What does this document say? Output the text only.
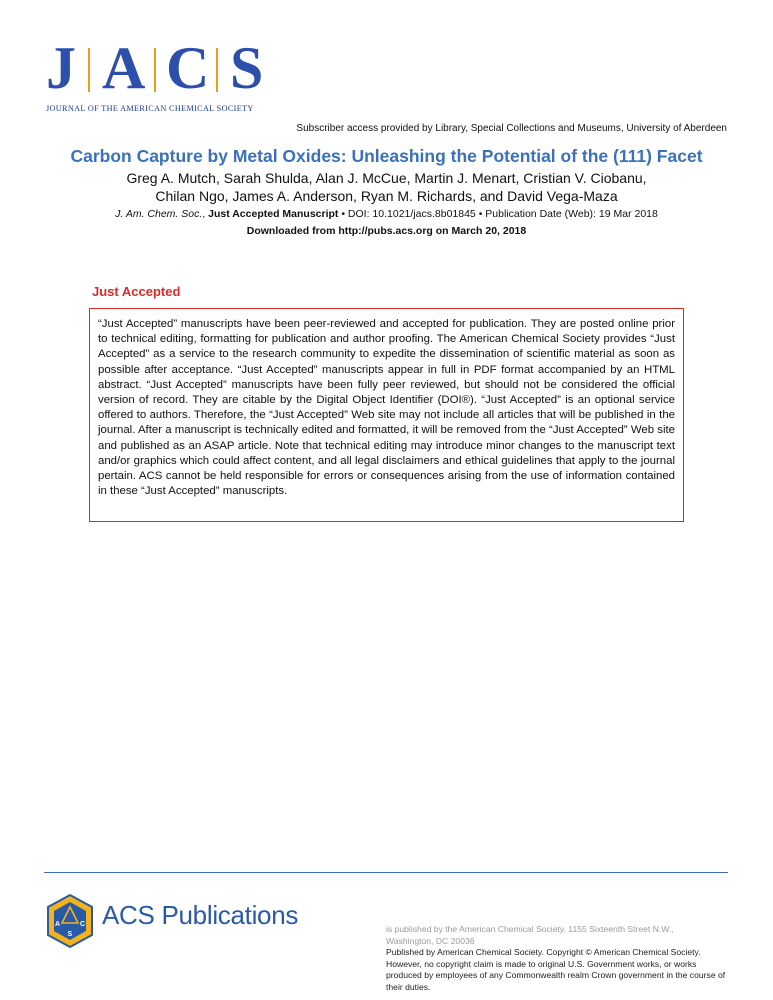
J A C S
JOURNAL OF THE AMERICAN CHEMICAL SOCIETY
Subscriber access provided by Library, Special Collections and Museums, University of Aberdeen
Carbon Capture by Metal Oxides: Unleashing the Potential of the (111) Facet
Greg A. Mutch, Sarah Shulda, Alan J. McCue, Martin J. Menart, Cristian V. Ciobanu,
Chilan Ngo, James A. Anderson, Ryan M. Richards, and David Vega-Maza
J. Am. Chem. Soc., Just Accepted Manuscript • DOI: 10.1021/jacs.8b01845 • Publication Date (Web): 19 Mar 2018
Downloaded from http://pubs.acs.org on March 20, 2018
Just Accepted

“Just Accepted” manuscripts have been peer-reviewed and accepted for publication. They are posted online prior to technical editing, formatting for publication and author proofing. The American Chemical Society provides “Just Accepted” as a service to the research community to expedite the dissemination of scientific material as soon as possible after acceptance. “Just Accepted” manuscripts appear in full in PDF format accompanied by an HTML abstract. “Just Accepted” manuscripts have been fully peer reviewed, but should not be considered the official version of record. They are citable by the Digital Object Identifier (DOI®). “Just Accepted” is an optional service offered to authors. Therefore, the “Just Accepted” Web site may not include all articles that will be published in the journal. After a manuscript is technically edited and formatted, it will be removed from the “Just Accepted” Web site and published as an ASAP article. Note that technical editing may introduce minor changes to the manuscript text and/or graphics which could affect content, and all legal disclaimers and ethical guidelines that apply to the journal pertain. ACS cannot be held responsible for errors or consequences arising from the use of information contained in these “Just Accepted” manuscripts.

A	C
S
ACS Publications	is published by the American Chemical Society. 1155 Sixteenth Street N.W.,
Washington, DC 20036
Published by American Chemical Society. Copyright © American Chemical Society. However, no copyright claim is made to original U.S. Government works, or works produced by employees of any Commonwealth realm Crown government in the course of their duties.
